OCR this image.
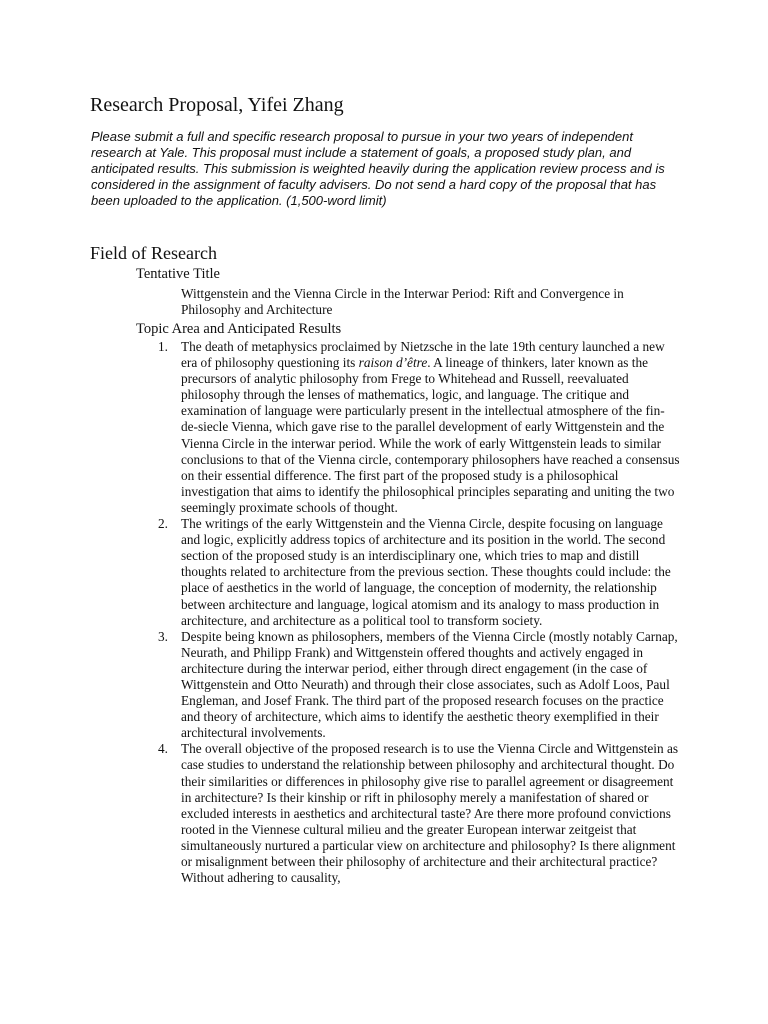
Research Proposal, Yifei Zhang

Please submit a full and specific research proposal to pursue in your two years of independent research at Yale. This proposal must include a statement of goals, a proposed study plan, and anticipated results. This submission is weighted heavily during the application review process and is considered in the assignment of faculty advisers. Do not send a hard copy of the proposal that has been uploaded to the application. (1,500-word limit)

Field of Research
Tentative Title

Wittgenstein and the Vienna Circle in the Interwar Period: Rift and Convergence in Philosophy and Architecture

Topic Area and Anticipated Results
1. The death of metaphysics proclaimed by Nietzsche in the late 19th century launched a new era of philosophy questioning its raison d’être. A lineage of thinkers, later known as the precursors of analytic philosophy from Frege to Whitehead and Russell, reevaluated philosophy through the lenses of mathematics, logic, and language. The critique and examination of language were particularly present in the intellectual atmosphere of the fin-de-siecle Vienna, which gave rise to the parallel development of early Wittgenstein and the Vienna Circle in the interwar period. While the work of early Wittgenstein leads to similar conclusions to that of the Vienna circle, contemporary philosophers have reached a consensus on their essential difference. The first part of the proposed study is a philosophical investigation that aims to identify the philosophical principles separating and uniting the two seemingly proximate schools of thought.
2. The writings of the early Wittgenstein and the Vienna Circle, despite focusing on language and logic, explicitly address topics of architecture and its position in the world. The second section of the proposed study is an interdisciplinary one, which tries to map and distill thoughts related to architecture from the previous section. These thoughts could include: the place of aesthetics in the world of language, the conception of modernity, the relationship between architecture and language, logical atomism and its analogy to mass production in architecture, and architecture as a political tool to transform society.
3. Despite being known as philosophers, members of the Vienna Circle (mostly notably Carnap, Neurath, and Philipp Frank) and Wittgenstein offered thoughts and actively engaged in architecture during the interwar period, either through direct engagement (in the case of Wittgenstein and Otto Neurath) and through their close associates, such as Adolf Loos, Paul Engleman, and Josef Frank. The third part of the proposed research focuses on the practice and theory of architecture, which aims to identify the aesthetic theory exemplified in their architectural involvements.
4. The overall objective of the proposed research is to use the Vienna Circle and Wittgenstein as case studies to understand the relationship between philosophy and architectural thought. Do their similarities or differences in philosophy give rise to parallel agreement or disagreement in architecture? Is their kinship or rift in philosophy merely a manifestation of shared or excluded interests in aesthetics and architectural taste? Are there more profound convictions rooted in the Viennese cultural milieu and the greater European interwar zeitgeist that simultaneously nurtured a particular view on architecture and philosophy? Is there alignment or misalignment between their philosophy of architecture and their architectural practice? Without adhering to causality,
